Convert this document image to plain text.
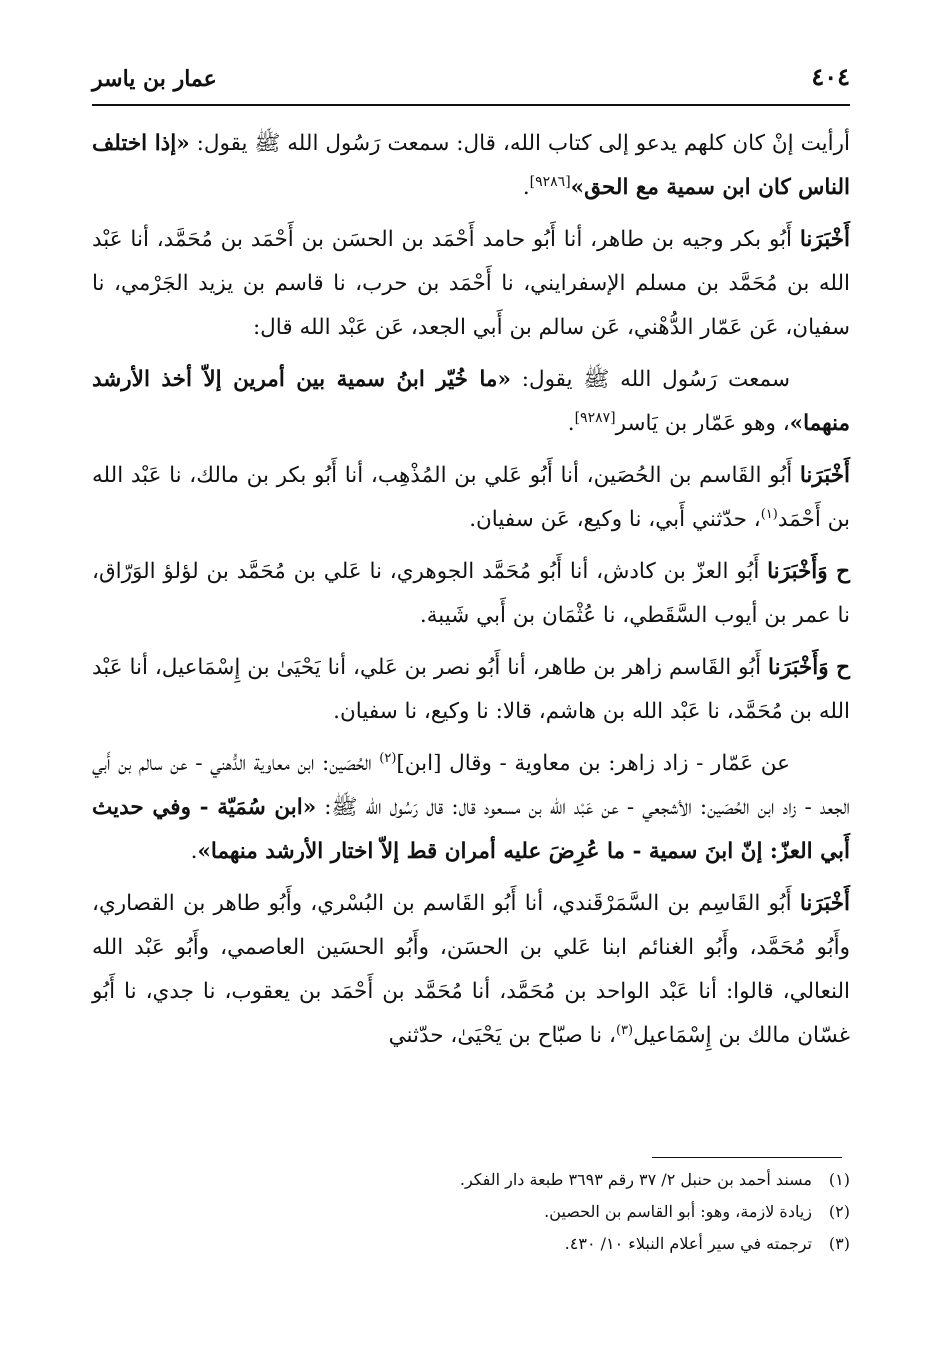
٤٠٤
عمار بن ياسر

أرأيت إنْ كان كلهم يدعو إلى كتاب الله، قال: سمعت رَسُول الله ﷺ يقول: «إذا اختلف الناس كان ابن سمية مع الحق»[٩٢٨٦].

أَخْبَرَنا أَبُو بكر وجيه بن طاهر، أنا أَبُو حامد أَحْمَد بن الحسَن بن أَحْمَد بن مُحَمَّد، أنا عَبْد الله بن مُحَمَّد بن مسلم الإسفرايني، نا أَحْمَد بن حرب، نا قاسم بن يزيد الجَرْمي، نا سفيان، عَن عَمّار الدُّهْني، عَن سالم بن أَبي الجعد، عَن عَبْد الله قال:

سمعت رَسُول الله ﷺ يقول: «ما خُيّر ابنُ سمية بين أمرين إلاّ أخذ الأرشد منهما»، وهو عَمّار بن يَاسر[٩٢٨٧].

أَخْبَرَنا أَبُو القَاسم بن الحُصَين، أنا أَبُو عَلي بن المُذْهِب، أنا أَبُو بكر بن مالك، نا عَبْد الله بن أَحْمَد$^{(١)}$، حدّثني أَبي، نا وكيع، عَن سفيان.

ح وَأَخْبَرَنا أَبُو العزّ بن كادش، أنا أَبُو مُحَمَّد الجوهري، نا عَلي بن مُحَمَّد بن لؤلؤ الوَرّاق، نا عمر بن أيوب السَّقَطي، نا عُثْمَان بن أَبي شَيبة.

ح وَأَخْبَرَنا أَبُو القَاسم زاهر بن طاهر، أنا أَبُو نصر بن عَلي، أنا يَحْيَىٰ بن إِسْمَاعيل، أنا عَبْد الله بن مُحَمَّد، نا عَبْد الله بن هاشم، قالا: نا وكيع، نا سفيان.

عن عَمّار - زاد زاهر: بن معاوية - وقال [ابن]$^{(٢)}$ الحُصَين: ابن معاوية الدُّهني - عن سالم بن أَبي الجعد - زاد ابن الحُصَين: الأشجعي - عن عَبْد الله بن مسعود قال: قال رَسُول الله ﷺ: «ابن سُمَيّة - وفي حديث أَبي العزّ: إنّ ابنَ سمية - ما عُرِضَ عليه أمران قط إلاّ اختار الأرشد منهما».

أَخْبَرَنا أَبُو القَاسِم بن السَّمَرْقَندي، أنا أَبُو القَاسم بن البُسْري، وأَبُو طاهر بن القصاري، وأَبُو مُحَمَّد، وأَبُو الغنائم ابنا عَلي بن الحسَن، وأَبُو الحسَين العاصمي، وأَبُو عَبْد الله النعالي، قالوا: أنا عَبْد الواحد بن مُحَمَّد، أنا مُحَمَّد بن أَحْمَد بن يعقوب، نا جدي، نا أَبُو غسّان مالك بن إِسْمَاعيل$^{(٣)}$، نا صبّاح بن يَحْيَىٰ، حدّثني

(١)
مسند أحمد بن حنبل ٢/ ٣٧ رقم ٣٦٩٣ طبعة دار الفكر.
(٢)
زيادة لازمة، وهو: أبو القاسم بن الحصين.
(٣)
ترجمته في سير أعلام النبلاء ١٠/ ٤٣٠.
